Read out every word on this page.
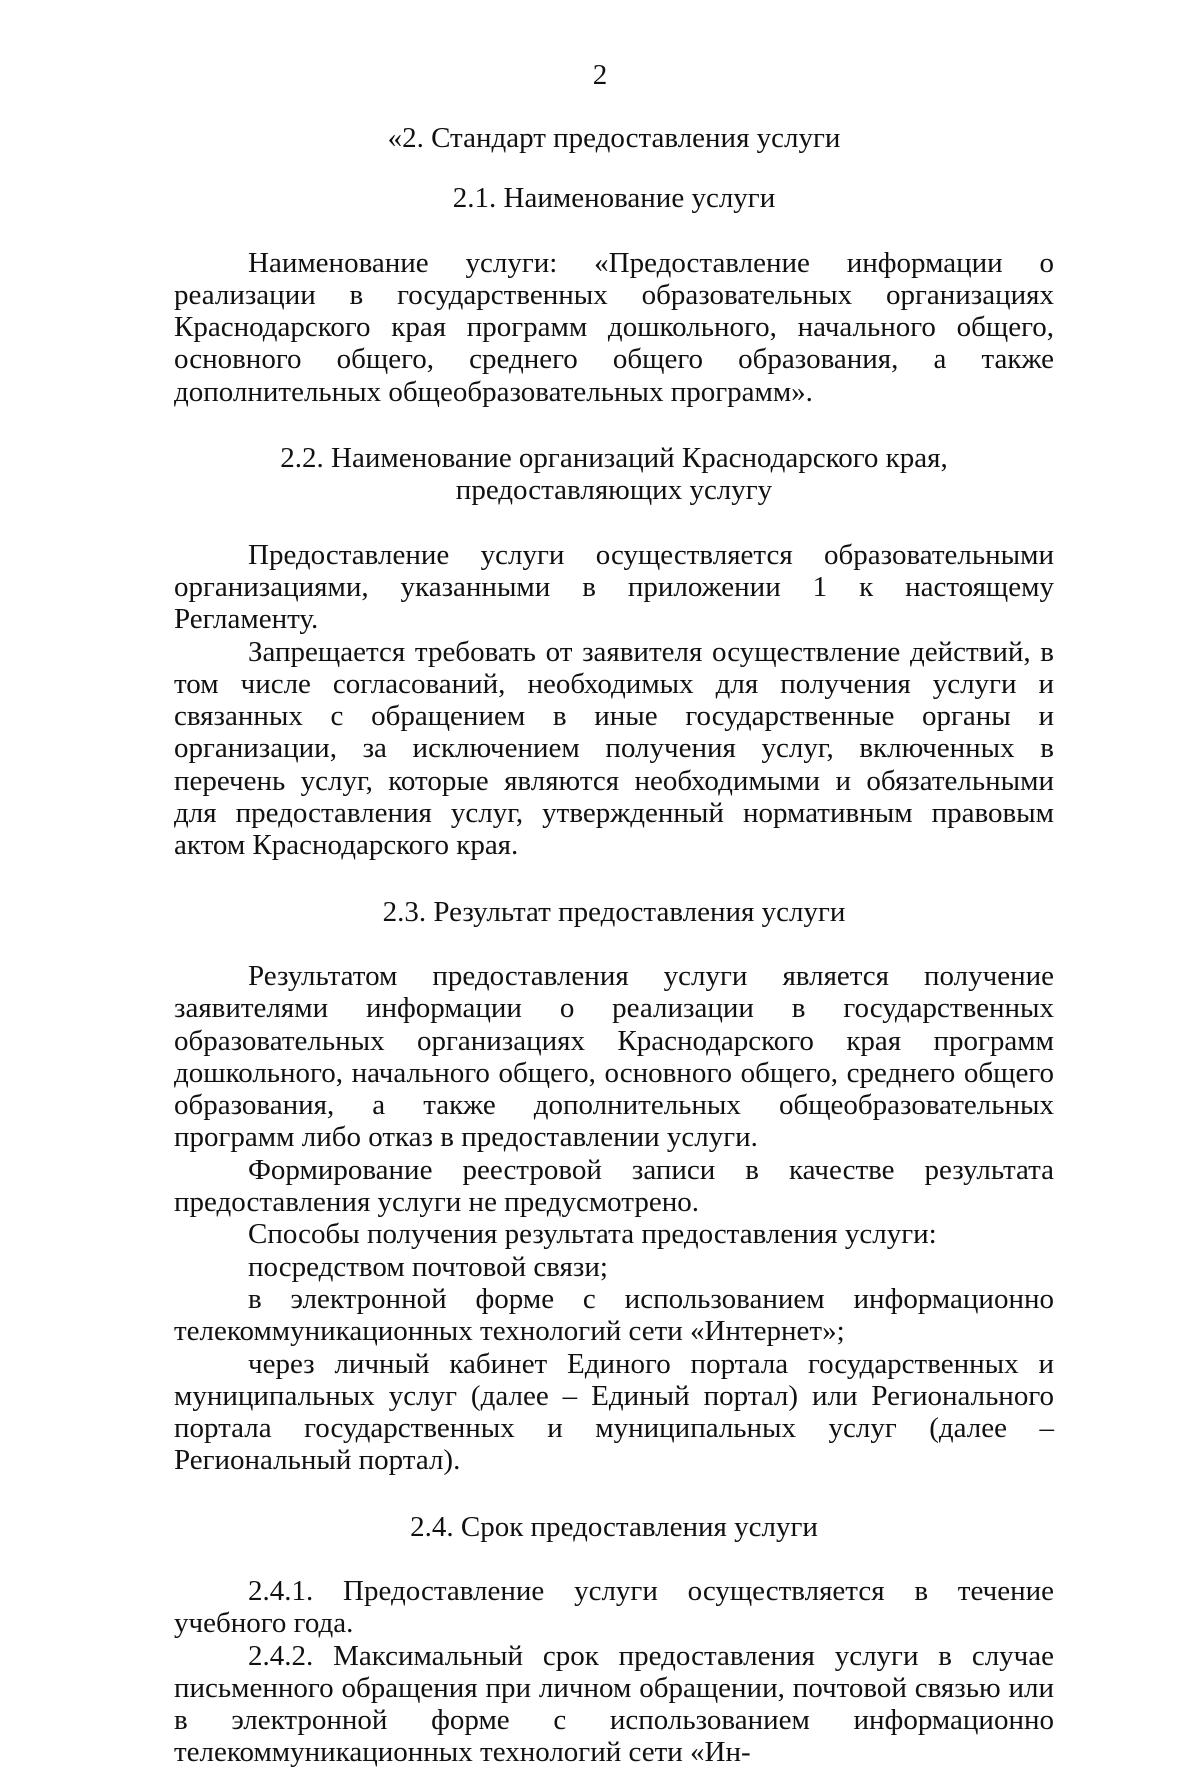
2
«2. Стандарт предоставления услуги
2.1. Наименование услуги

Наименование услуги: «Предоставление информации о реализации в государственных образовательных организациях Краснодарского края программ дошкольного, начального общего, основного общего, среднего общего образования, а также дополнительных общеобразовательных программ».

2.2. Наименование организаций Краснодарского края,
предоставляющих услугу

Предоставление услуги осуществляется образовательными организациями, указанными в приложении 1 к настоящему Регламенту.

Запрещается требовать от заявителя осуществление действий, в том числе согласований, необходимых для получения услуги и связанных с обращением в иные государственные органы и организации, за исключением получения услуг, включенных в перечень услуг, которые являются необходимыми и обязательными для предоставления услуг, утвержденный нормативным правовым актом Краснодарского края.

2.3. Результат предоставления услуги

Результатом предоставления услуги является получение заявителями информации о реализации в государственных образовательных организациях Краснодарского края программ дошкольного, начального общего, основного общего, среднего общего образования, а также дополнительных общеобразовательных программ либо отказ в предоставлении услуги.

Формирование реестровой записи в качестве результата предоставления услуги не предусмотрено.

Способы получения результата предоставления услуги:

посредством почтовой связи;

в электронной форме с использованием информационно телекоммуникационных технологий сети «Интернет»;

через личный кабинет Единого портала государственных и муниципальных услуг (далее – Единый портал) или Регионального портала государственных и муниципальных услуг (далее – Региональный портал).

2.4. Срок предоставления услуги

2.4.1. Предоставление услуги осуществляется в течение учебного года.

2.4.2. Максимальный срок предоставления услуги в случае письменного обращения при личном обращении, почтовой связью или в электронной форме с использованием информационно телекоммуникационных технологий сети «Ин-
